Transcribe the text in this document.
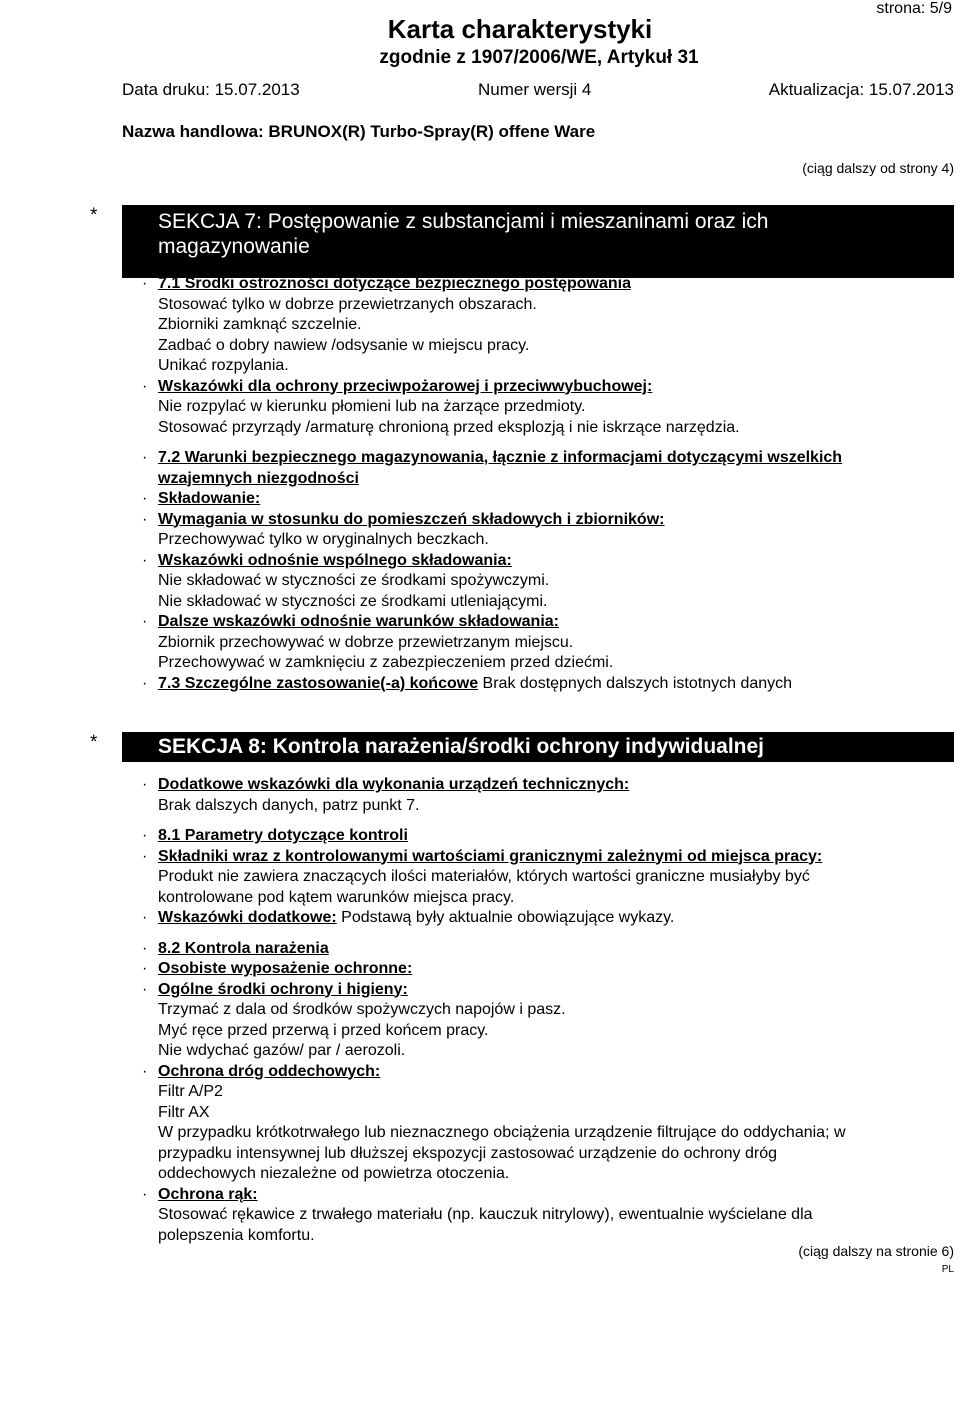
strona: 5/9
Karta charakterystyki
zgodnie z 1907/2006/WE, Artykuł 31
Data druku: 15.07.2013	Numer wersji 4	Aktualizacja: 15.07.2013
Nazwa handlowa: BRUNOX(R) Turbo-Spray(R) offene Ware
(ciąg dalszy od strony 4)
*	SEKCJA 7: Postępowanie z substancjami i mieszaninami oraz ich
magazynowanie
· 7.1 Środki ostrożności dotyczące bezpiecznego postępowania
Stosować tylko w dobrze przewietrzanych obszarach.
Zbiorniki zamknąć szczelnie.
Zadbać o dobry nawiew /odsysanie w miejscu pracy.
Unikać rozpylania.
· Wskazówki dla ochrony przeciwpożarowej i przeciwwybuchowej:
Nie rozpylać w kierunku płomieni lub na żarzące przedmioty.
Stosować przyrządy /armaturę chronioną przed eksplozją i nie iskrzące narzędzia.
· 7.2 Warunki bezpiecznego magazynowania, łącznie z informacjami dotyczącymi wszelkich
wzajemnych niezgodności
· Składowanie:
· Wymagania w stosunku do pomieszczeń składowych i zbiorników:
Przechowywać tylko w oryginalnych beczkach.
· Wskazówki odnośnie wspólnego składowania:
Nie składować w styczności ze środkami spożywczymi.
Nie składować w styczności ze środkami utleniającymi.
· Dalsze wskazówki odnośnie warunków składowania:
Zbiornik przechowywać w dobrze przewietrzanym miejscu.
Przechowywać w zamknięciu z zabezpieczeniem przed dziećmi.
· 7.3 Szczególne zastosowanie(-a) końcowe Brak dostępnych dalszych istotnych danych
*	SEKCJA 8: Kontrola narażenia/środki ochrony indywidualnej
· Dodatkowe wskazówki dla wykonania urządzeń technicznych:
Brak dalszych danych, patrz punkt 7.
· 8.1 Parametry dotyczące kontroli
· Składniki wraz z kontrolowanymi wartościami granicznymi zależnymi od miejsca pracy:
Produkt nie zawiera znaczących ilości materiałów, których wartości graniczne musiałyby być
kontrolowane pod kątem warunków miejsca pracy.
· Wskazówki dodatkowe: Podstawą były aktualnie obowiązujące wykazy.
· 8.2 Kontrola narażenia
· Osobiste wyposażenie ochronne:
· Ogólne środki ochrony i higieny:
Trzymać z dala od środków spożywczych napojów i pasz.
Myć ręce przed przerwą i przed końcem pracy.
Nie wdychać gazów/ par / aerozoli.
· Ochrona dróg oddechowych:
Filtr A/P2
Filtr AX
W przypadku krótkotrwałego lub nieznacznego obciążenia urządzenie filtrujące do oddychania; w
przypadku intensywnej lub dłuższej ekspozycji zastosować urządzenie do ochrony dróg
oddechowych niezależne od powietrza otoczenia.
· Ochrona rąk:
Stosować rękawice z trwałego materiału (np. kauczuk nitrylowy), ewentualnie wyścielane dla
polepszenia komfortu.
(ciąg dalszy na stronie 6)
PL
